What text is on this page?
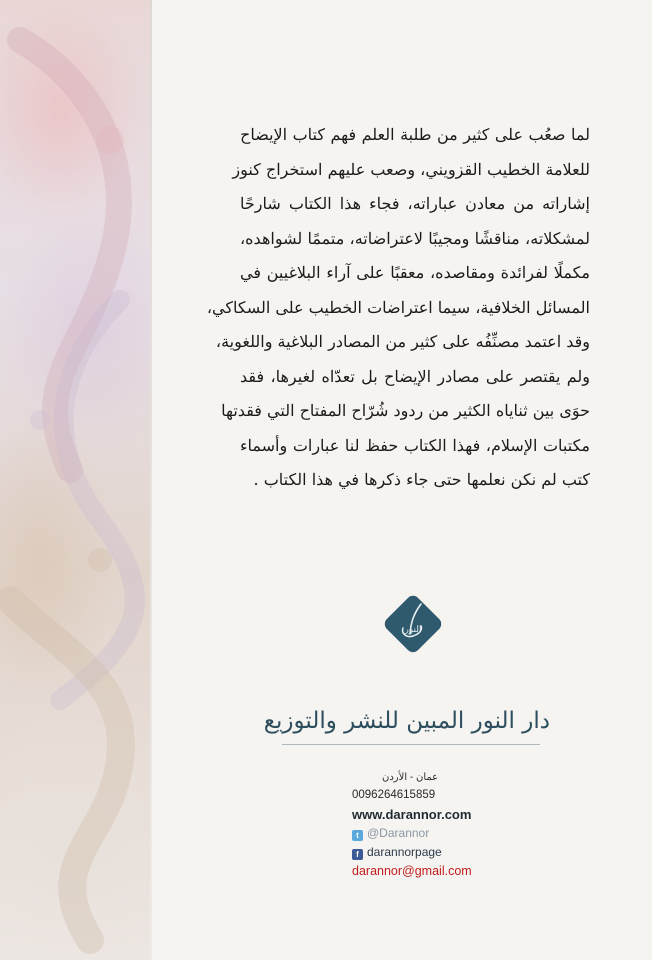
لما صعُب على كثير من طلبة العلم فهم كتاب الإيضاح
للعلامة الخطيب القزويني، وصعب عليهم استخراج كنوز
إشاراته من معادن عباراته، فجاء هذا الكتاب شارحًا
لمشكلاته، مناقشًا ومجيبًا لاعتراضاته، متممًا لشواهده،
مكملًا لفرائدة ومقاصده، معقبًا على آراء البلاغيين في
المسائل الخلافية، سيما اعتراضات الخطيب على السكاكي،
وقد اعتمد مصنِّفُه على كثير من المصادر البلاغية واللغوية،
ولم يقتصر على مصادر الإيضاح بل تعدّاه لغيرها، فقد
حوَى بين ثناياه الكثير من ردود شُرّاح المفتاح التي فقدتها
مكتبات الإسلام، فهذا الكتاب حفظ لنا عبارات وأسماء
كتب لم نكن نعلمها حتى جاء ذكرها في هذا الكتاب .

النور
دار النور المبين للنشر والتوزيع
عمان - الأردن
0096264615859
www.darannor.com
t @Darannor
f darannorpage
darannor@gmail.com
